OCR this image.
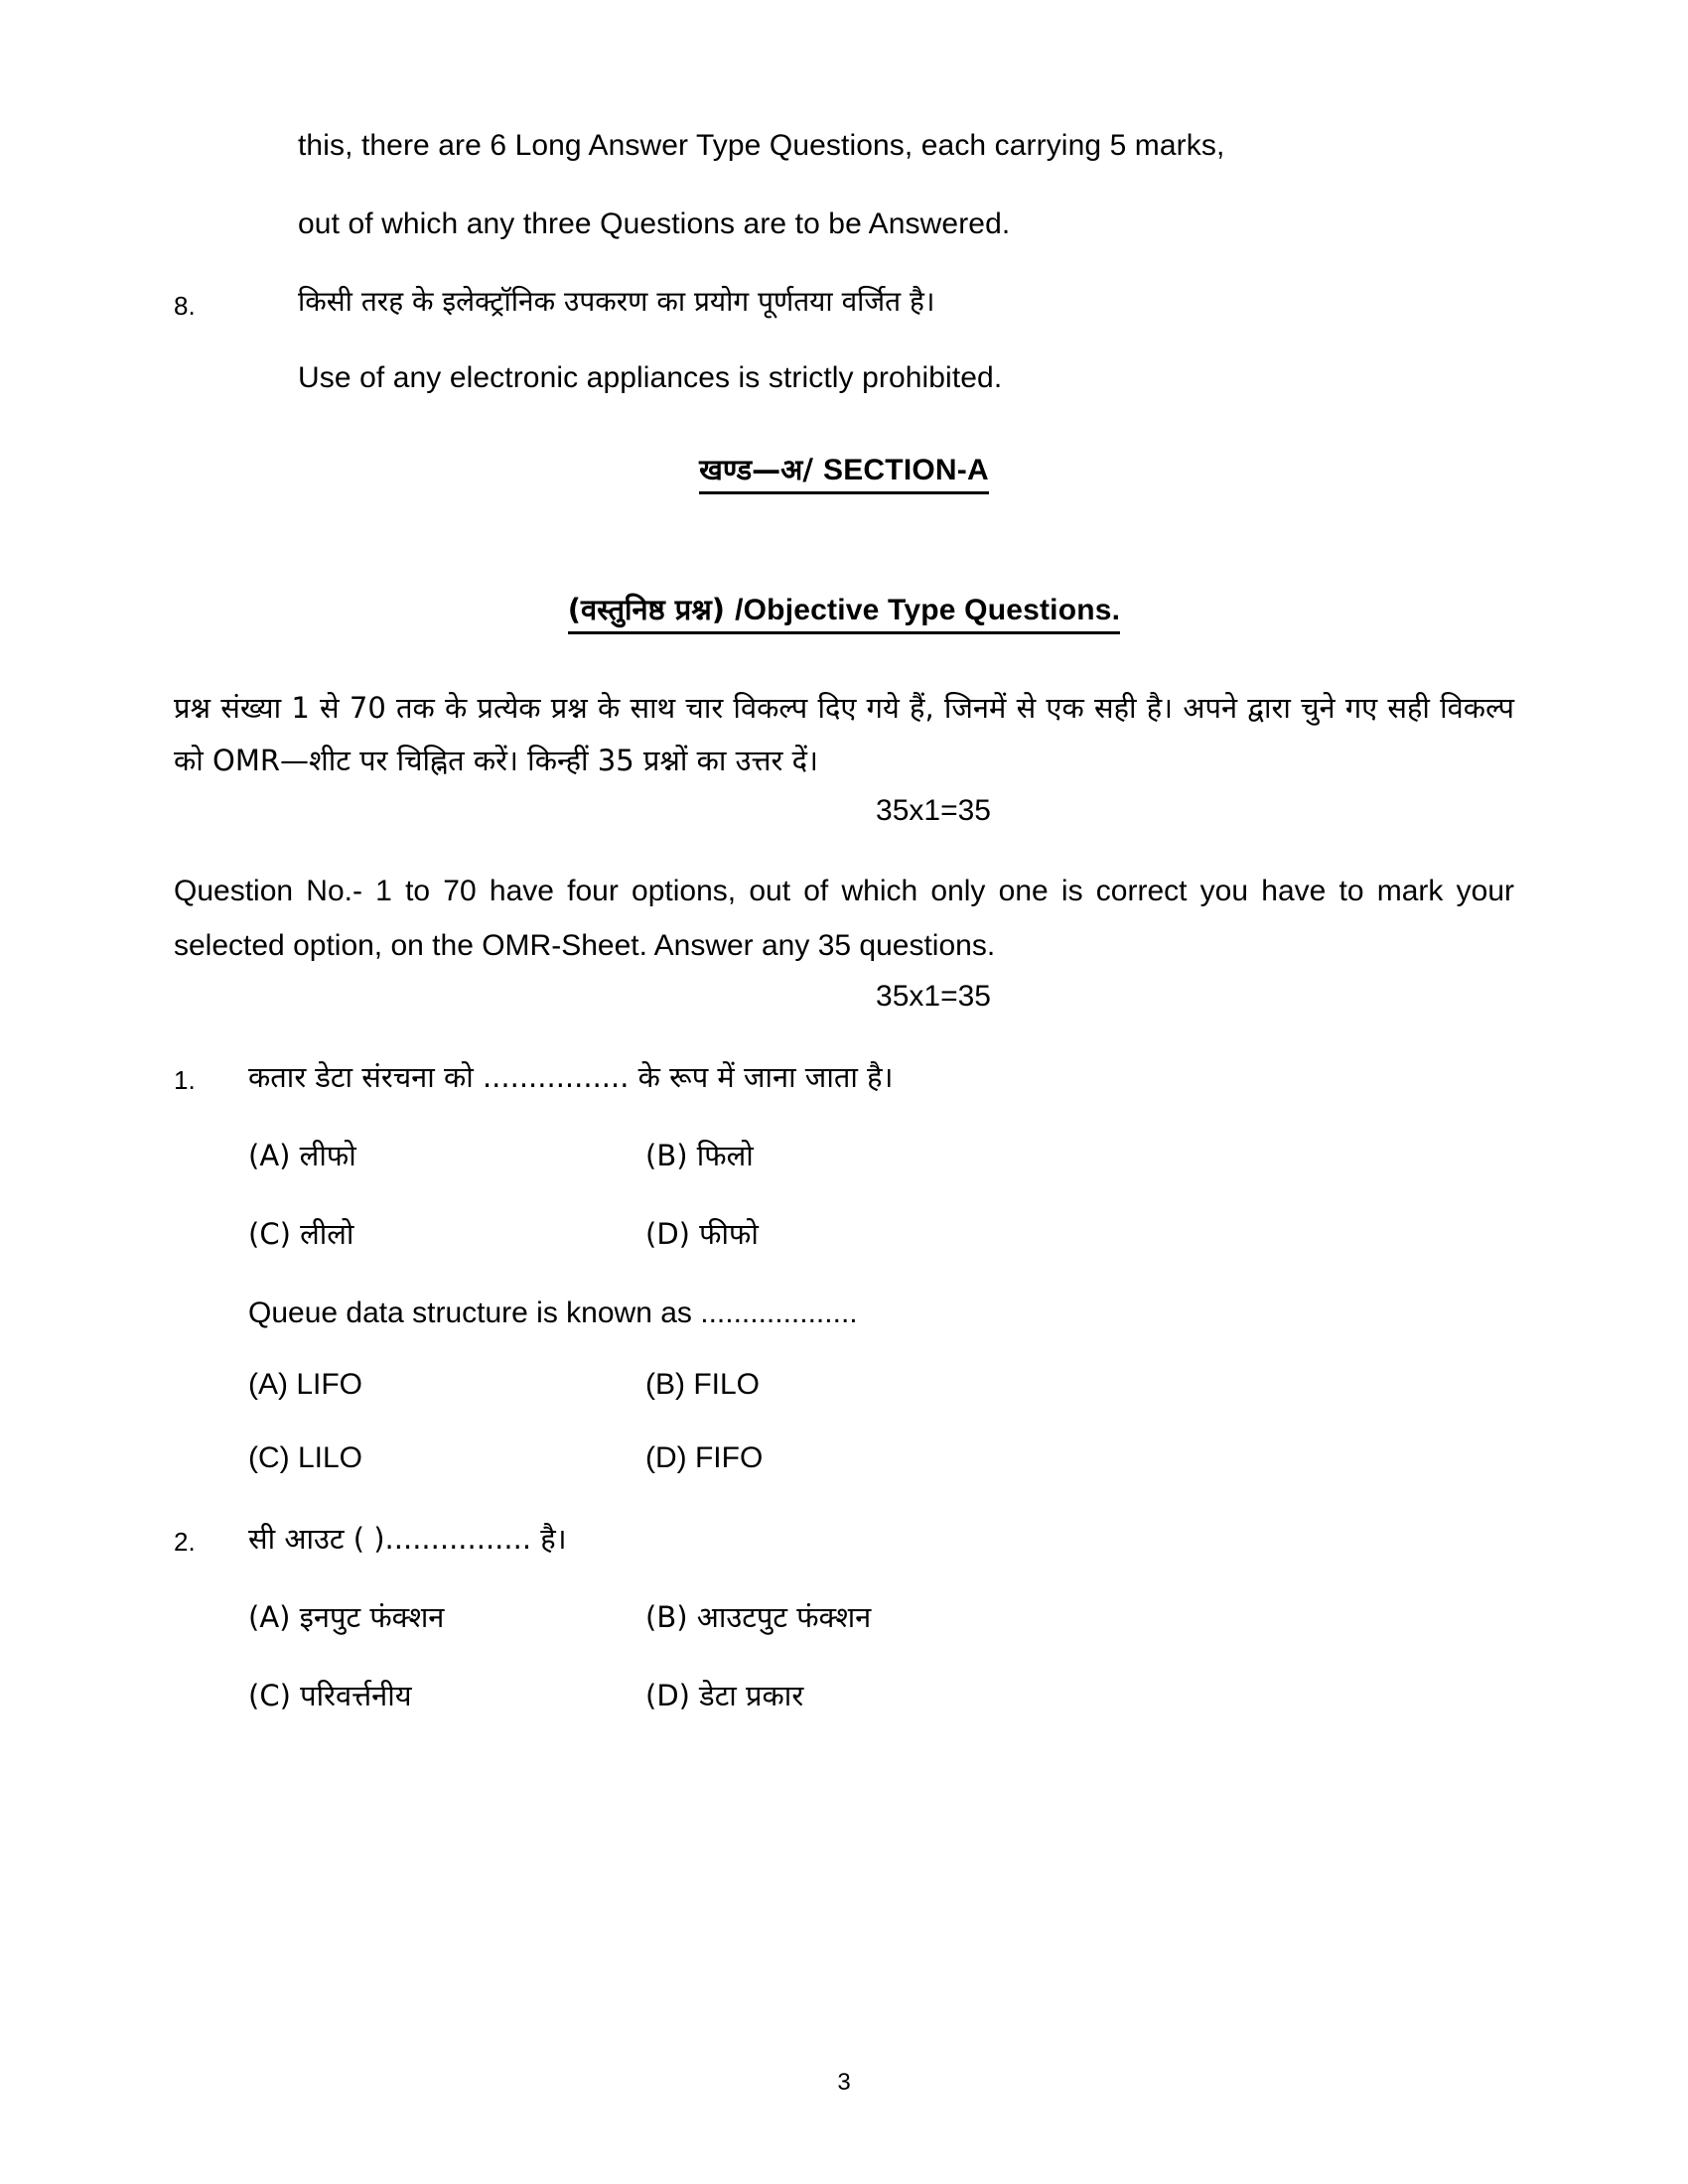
this, there are 6 Long Answer Type Questions, each carrying 5 marks,
out of which any three Questions are to be Answered.
8.	किसी तरह के इलेक्ट्रॉनिक उपकरण का प्रयोग पूर्णतया वर्जित है।
Use of any electronic appliances is strictly prohibited.
खण्ड—अ/ SECTION-A
(वस्तुनिष्ठ प्रश्न) /Objective Type Questions.

प्रश्न संख्या 1 से 70 तक के प्रत्येक प्रश्न के साथ चार विकल्प दिए गये हैं, जिनमें से एक सही है। अपने द्वारा चुने गए सही विकल्प को OMR—शीट पर चिह्नित करें। किन्हीं 35 प्रश्नों का उत्तर दें।

35x1=35

Question No.- 1 to 70 have four options, out of which only one is correct you have to mark your selected option, on the OMR-Sheet. Answer any 35 questions.

35x1=35
1.	कतार डेटा संरचना को ................ के रूप में जाना जाता है।
(A) लीफो	(B) फिलो
(C) लीलो	(D) फीफो
Queue data structure is known as ...................
(A) LIFO	(B) FILO
(C) LILO	(D) FIFO
2.	सी आउट ( )................ है।
(A) इनपुट फंक्शन	(B) आउटपुट फंक्शन
(C) परिवर्त्तनीय	(D) डेटा प्रकार
3
